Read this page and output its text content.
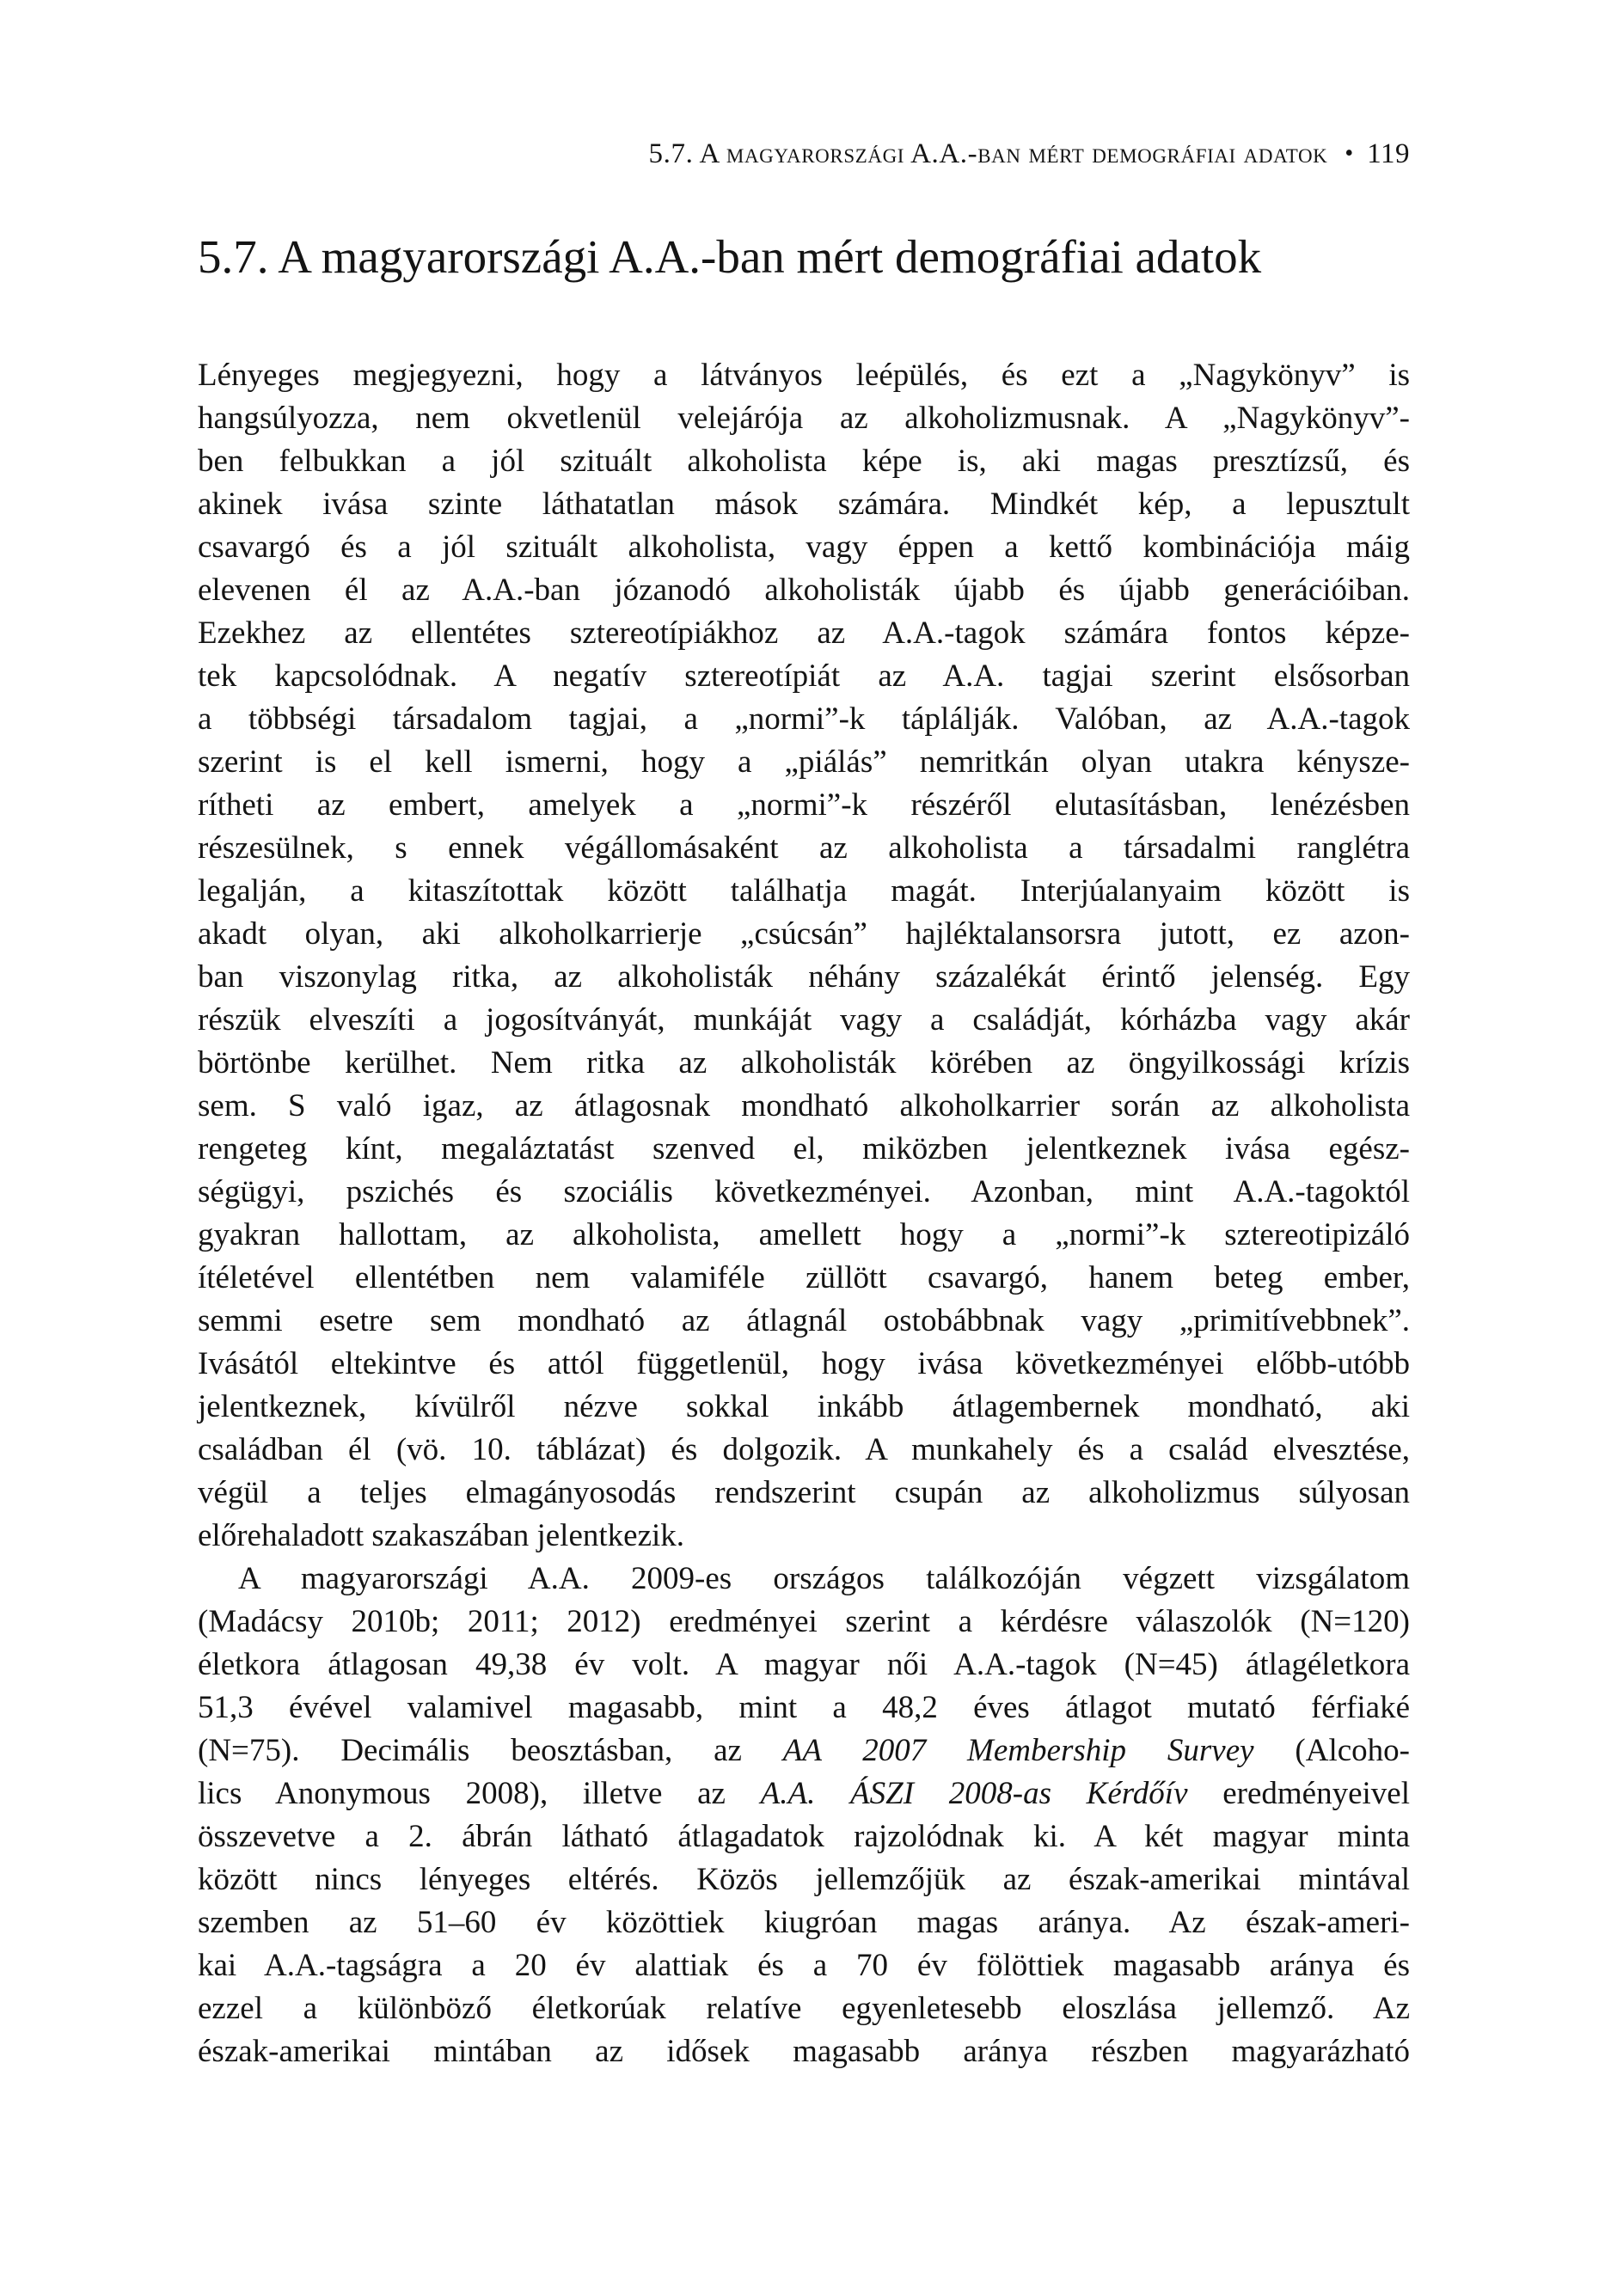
5.7. A magyarországi A.A.-ban mért demográfiai adatok • 119
5.7. A magyarországi A.A.-ban mért demográfiai adatok
Lényeges megjegyezni, hogy a látványos leépülés, és ezt a „Nagykönyv” is
hangsúlyozza, nem okvetlenül velejárója az alkoholizmusnak. A „Nagykönyv”-
ben felbukkan a jól szituált alkoholista képe is, aki magas presztízsű, és
akinek ivása szinte láthatatlan mások számára. Mindkét kép, a lepusztult
csavargó és a jól szituált alkoholista, vagy éppen a kettő kombinációja máig
elevenen él az A.A.-ban józanodó alkoholisták újabb és újabb generációiban.
Ezekhez az ellentétes sztereotípiákhoz az A.A.-tagok számára fontos képze-
tek kapcsolódnak. A negatív sztereotípiát az A.A. tagjai szerint elsősorban
a többségi társadalom tagjai, a „normi”-k táplálják. Valóban, az A.A.-tagok
szerint is el kell ismerni, hogy a „piálás” nemritkán olyan utakra kénysze-
rítheti az embert, amelyek a „normi”-k részéről elutasításban, lenézésben
részesülnek, s ennek végállomásaként az alkoholista a társadalmi ranglétra
legalján, a kitaszítottak között találhatja magát. Interjúalanyaim között is
akadt olyan, aki alkoholkarrierje „csúcsán” hajléktalansorsra jutott, ez azon-
ban viszonylag ritka, az alkoholisták néhány százalékát érintő jelenség. Egy
részük elveszíti a jogosítványát, munkáját vagy a családját, kórházba vagy akár
börtönbe kerülhet. Nem ritka az alkoholisták körében az öngyilkossági krízis
sem. S való igaz, az átlagosnak mondható alkoholkarrier során az alkoholista
rengeteg kínt, megaláztatást szenved el, miközben jelentkeznek ivása egész-
ségügyi, pszichés és szociális következményei. Azonban, mint A.A.-tagoktól
gyakran hallottam, az alkoholista, amellett hogy a „normi”-k sztereotipizáló
ítéletével ellentétben nem valamiféle züllött csavargó, hanem beteg ember,
semmi esetre sem mondható az átlagnál ostobábbnak vagy „primitívebbnek”.
Ivásától eltekintve és attól függetlenül, hogy ivása következményei előbb-utóbb
jelentkeznek, kívülről nézve sokkal inkább átlagembernek mondható, aki
családban él (vö. 10. táblázat) és dolgozik. A munkahely és a család elvesztése,
végül a teljes elmagányosodás rendszerint csupán az alkoholizmus súlyosan
előrehaladott szakaszában jelentkezik.
A magyarországi A.A. 2009-es országos találkozóján végzett vizsgálatom
(Madácsy 2010b; 2011; 2012) eredményei szerint a kérdésre válaszolók (N=120)
életkora átlagosan 49,38 év volt. A magyar női A.A.-tagok (N=45) átlagéletkora
51,3 évével valamivel magasabb, mint a 48,2 éves átlagot mutató férfiaké
(N=75). Decimális beosztásban, az AA 2007 Membership Survey (Alcoho-
lics Anonymous 2008), illetve az A.A. ÁSZI 2008-as Kérdőív eredményeivel
összevetve a 2. ábrán látható átlagadatok rajzolódnak ki. A két magyar minta
között nincs lényeges eltérés. Közös jellemzőjük az észak-amerikai mintával
szemben az 51–60 év közöttiek kiugróan magas aránya. Az észak-ameri-
kai A.A.-tagságra a 20 év alattiak és a 70 év fölöttiek magasabb aránya és
ezzel a különböző életkorúak relatíve egyenletesebb eloszlása jellemző. Az
észak-amerikai mintában az idősek magasabb aránya részben magyarázható
